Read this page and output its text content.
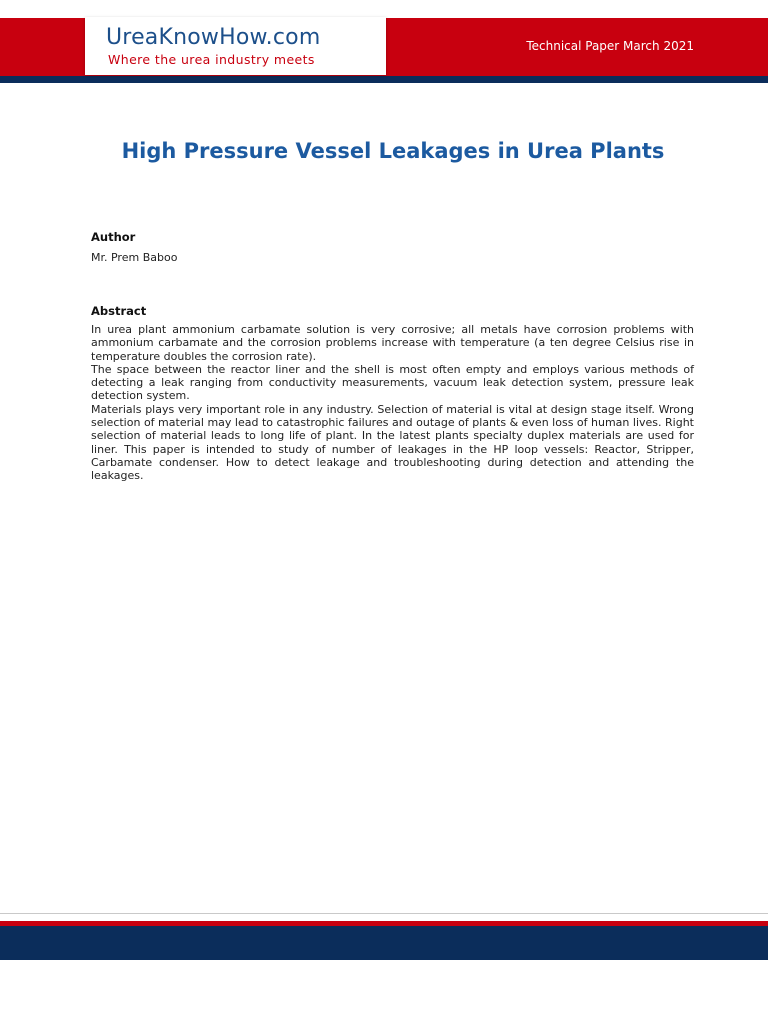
UreaKnowHow.com
Where the urea industry meets
Technical Paper March 2021
High Pressure Vessel Leakages in Urea Plants
Author
Mr. Prem Baboo
Abstract

In urea plant ammonium carbamate solution is very corrosive; all metals have corrosion problems with ammonium carbamate and the corrosion problems increase with temperature (a ten degree Celsius rise in temperature doubles the corrosion rate).

The space between the reactor liner and the shell is most often empty and employs various methods of detecting a leak ranging from conductivity measurements, vacuum leak detection system, pressure leak detection system.

Materials plays very important role in any industry. Selection of material is vital at design stage itself. Wrong selection of material may lead to catastrophic failures and outage of plants & even loss of human lives. Right selection of material leads to long life of plant. In the latest plants specialty duplex materials are used for liner. This paper is intended to study of number of leakages in the HP loop vessels: Reactor, Stripper, Carbamate condenser. How to detect leakage and troubleshooting during detection and attending the leakages.
